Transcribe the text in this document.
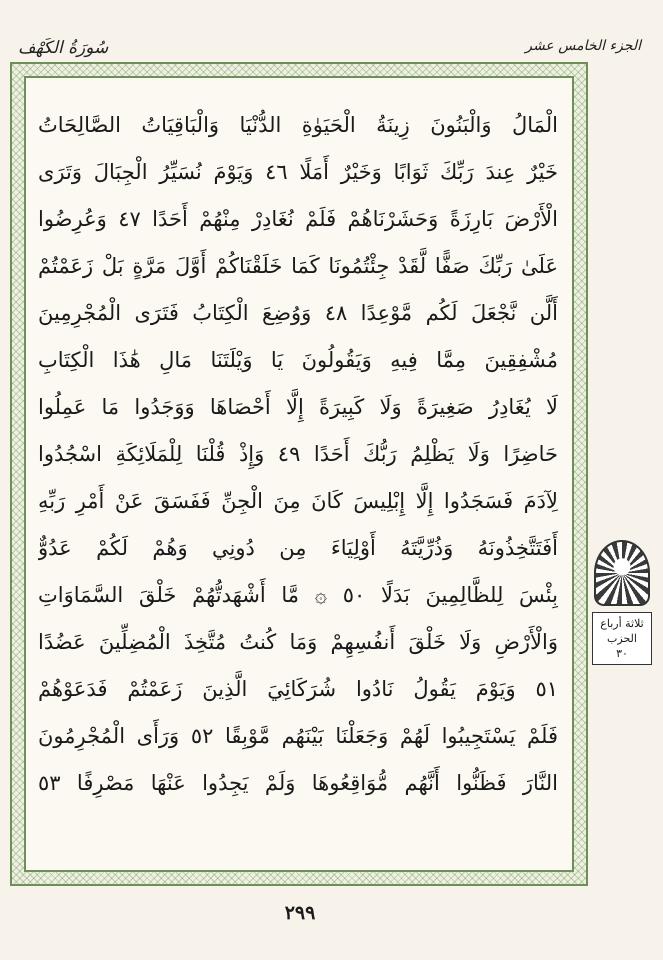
سُورَةُ الكَهْف	الجزء الخامس عشر
الْمَالُ وَالْبَنُونَ زِينَةُ الْحَيَوٰةِ الدُّنْيَا وَالْبَاقِيَاتُ الصَّالِحَاتُ
خَيْرٌ عِندَ رَبِّكَ ثَوَابًا وَخَيْرٌ أَمَلًا ٤٦ وَيَوْمَ نُسَيِّرُ الْجِبَالَ وَتَرَى
الْأَرْضَ بَارِزَةً وَحَشَرْنَاهُمْ فَلَمْ نُغَادِرْ مِنْهُمْ أَحَدًا ٤٧ وَعُرِضُوا
عَلَىٰ رَبِّكَ صَفًّا لَّقَدْ جِئْتُمُونَا كَمَا خَلَقْنَاكُمْ أَوَّلَ مَرَّةٍ بَلْ زَعَمْتُمْ
أَلَّن نَّجْعَلَ لَكُم مَّوْعِدًا ٤٨ وَوُضِعَ الْكِتَابُ فَتَرَى الْمُجْرِمِينَ
مُشْفِقِينَ مِمَّا فِيهِ وَيَقُولُونَ يَا وَيْلَتَنَا مَالِ هَٰذَا الْكِتَابِ
لَا يُغَادِرُ صَغِيرَةً وَلَا كَبِيرَةً إِلَّا أَحْصَاهَا وَوَجَدُوا مَا عَمِلُوا
حَاضِرًا وَلَا يَظْلِمُ رَبُّكَ أَحَدًا ٤٩ وَإِذْ قُلْنَا لِلْمَلَائِكَةِ اسْجُدُوا
لِآدَمَ فَسَجَدُوا إِلَّا إِبْلِيسَ كَانَ مِنَ الْجِنِّ فَفَسَقَ عَنْ أَمْرِ رَبِّهِ
أَفَتَتَّخِذُونَهُ وَذُرِّيَّتَهُ أَوْلِيَاءَ مِن دُونِي وَهُمْ لَكُمْ عَدُوٌّ
بِئْسَ لِلظَّالِمِينَ بَدَلًا ٥٠ ۞ مَّا أَشْهَدتُّهُمْ خَلْقَ السَّمَاوَاتِ
وَالْأَرْضِ وَلَا خَلْقَ أَنفُسِهِمْ وَمَا كُنتُ مُتَّخِذَ الْمُضِلِّينَ عَضُدًا
٥١ وَيَوْمَ يَقُولُ نَادُوا شُرَكَائِيَ الَّذِينَ زَعَمْتُمْ فَدَعَوْهُمْ
فَلَمْ يَسْتَجِيبُوا لَهُمْ وَجَعَلْنَا بَيْنَهُم مَّوْبِقًا ٥٢ وَرَأَى الْمُجْرِمُونَ
النَّارَ فَظَنُّوا أَنَّهُم مُّوَاقِعُوهَا وَلَمْ يَجِدُوا عَنْهَا مَصْرِفًا ٥٣
ثلاثة أرباع
الحزب
٣٠
٢٩٩
